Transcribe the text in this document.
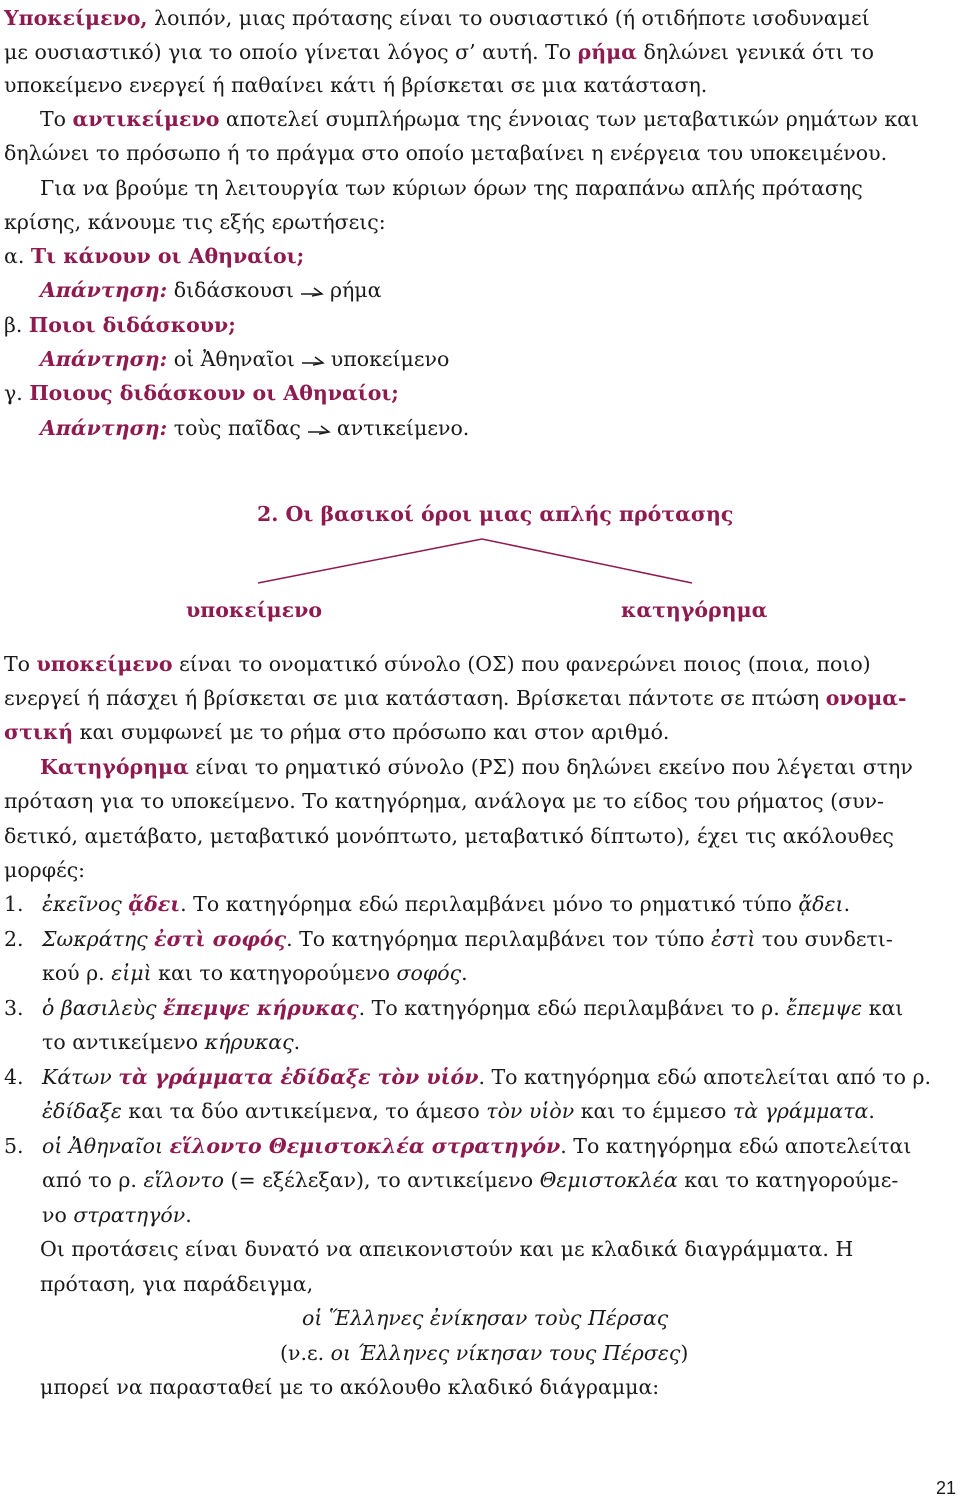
Υποκείμενο, λοιπόν, μιας πρότασης είναι το ουσιαστικό (ή οτιδήποτε ισοδυναμεί
με ουσιαστικό) για το οποίο γίνεται λόγος σ’ αυτή. Το ρήμα δηλώνει γενικά ότι το
υποκείμενο ενεργεί ή παθαίνει κάτι ή βρίσκεται σε μια κατάσταση.
Το αντικείμενο αποτελεί συμπλήρωμα της έννοιας των μεταβατικών ρημάτων και
δηλώνει το πρόσωπο ή το πράγμα στο οποίο μεταβαίνει η ενέργεια του υποκειμένου.
Για να βρούμε τη λειτουργία των κύριων όρων της παραπάνω απλής πρότασης
κρίσης, κάνουμε τις εξής ερωτήσεις:
α. Τι κάνουν οι Αθηναίοι;
Απάντηση: διδάσκουσι ρήμα
β. Ποιοι διδάσκουν;
Απάντηση: οἱ Ἀθηναῖοι υποκείμενο
γ. Ποιους διδάσκουν οι Αθηναίοι;
Απάντηση: τοὺς παῖδας αντικείμενο.
2. Οι βασικοί όροι μιας απλής πρότασης
υποκείμενο	κατηγόρημα
Το υποκείμενο είναι το ονοματικό σύνολο (ΟΣ) που φανερώνει ποιος (ποια, ποιο)
ενεργεί ή πάσχει ή βρίσκεται σε μια κατάσταση. Βρίσκεται πάντοτε σε πτώση ονομα-
στική και συμφωνεί με το ρήμα στο πρόσωπο και στον αριθμό.
Κατηγόρημα είναι το ρηματικό σύνολο (ΡΣ) που δηλώνει εκείνο που λέγεται στην
πρόταση για το υποκείμενο. Το κατηγόρημα, ανάλογα με το είδος του ρήματος (συν-
δετικό, αμετάβατο, μεταβατικό μονόπτωτο, μεταβατικό δίπτωτο), έχει τις ακόλουθες
μορφές:
1. ἐκεῖνος ᾄδει. Το κατηγόρημα εδώ περιλαμβάνει μόνο το ρηματικό τύπο ᾄδει.
2. Σωκράτης ἐστὶ σοφός. Το κατηγόρημα περιλαμβάνει τον τύπο ἐστὶ του συνδετι-
κού ρ. εἰμὶ και το κατηγορούμενο σοφός.
3. ὁ βασιλεὺς ἔπεμψε κήρυκας. Το κατηγόρημα εδώ περιλαμβάνει το ρ. ἔπεμψε και
το αντικείμενο κήρυκας.
4. Κάτων τὰ γράμματα ἐδίδαξε τὸν υἱόν. Το κατηγόρημα εδώ αποτελείται από το ρ.
ἐδίδαξε και τα δύο αντικείμενα, το άμεσο τὸν υἱὸν και το έμμεσο τὰ γράμματα.
5. οἱ Ἀθηναῖοι εἵλοντο Θεμιστοκλέα στρατηγόν. Το κατηγόρημα εδώ αποτελείται
από το ρ. εἵλοντο (= εξέλεξαν), το αντικείμενο Θεμιστοκλέα και το κατηγορούμε-
νο στρατηγόν.
Οι προτάσεις είναι δυνατό να απεικονιστούν και με κλαδικά διαγράμματα. Η
πρόταση, για παράδειγμα,
οἱ Ἕλληνες ἐνίκησαν τοὺς Πέρσας
(ν.ε. οι Έλληνες νίκησαν τους Πέρσες)
μπορεί να παρασταθεί με το ακόλουθο κλαδικό διάγραμμα:
21
